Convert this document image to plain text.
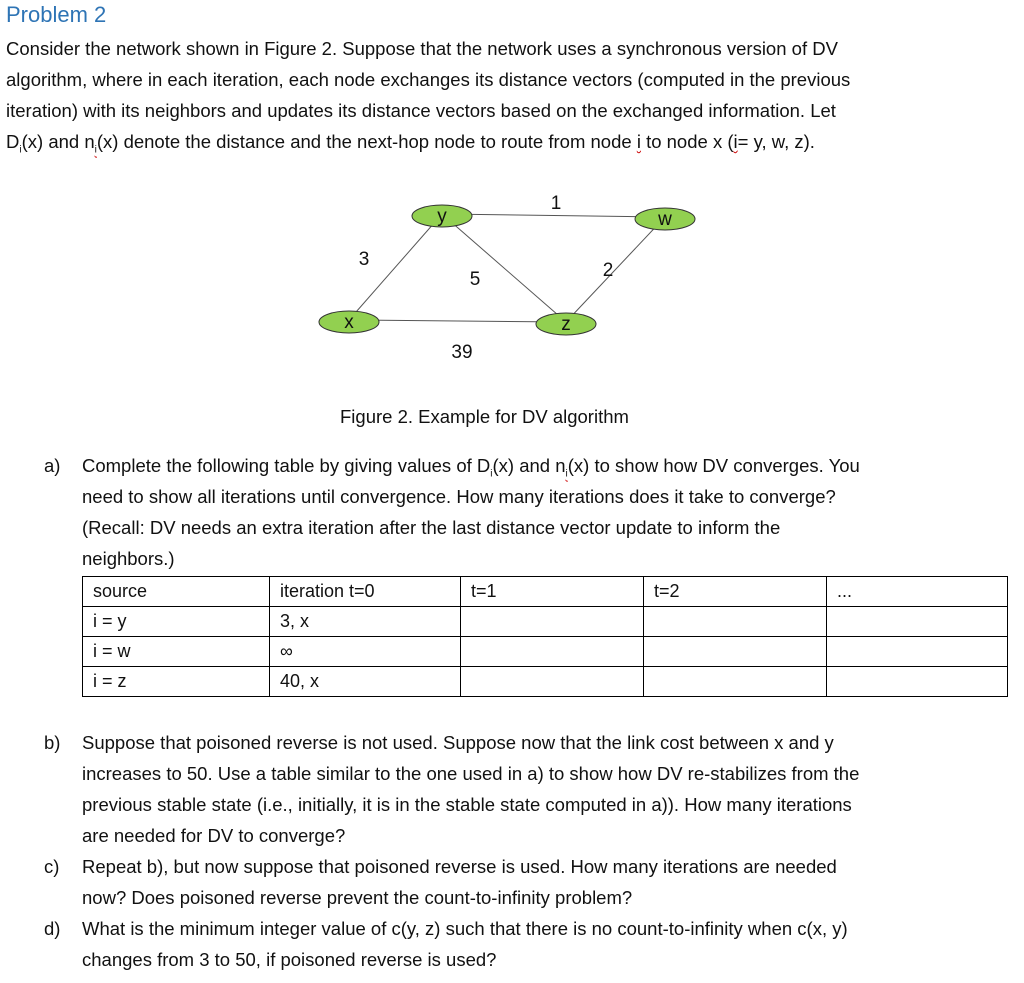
Problem 2
Consider the network shown in Figure 2. Suppose that the network uses a synchronous version of DV
algorithm, where in each iteration, each node exchanges its distance vectors (computed in the previous
iteration) with its neighbors and updates its distance vectors based on the exchanged information. Let
$D_i(x)$ and $n_i(x)$ denote the distance and the next-hop node to route from node i to node x (i= y, w, z).
y	w
x	z
3
1
5	2
39
Figure 2. Example for DV algorithm
a) Complete the following table by giving values of $D_i(x)$ and $n_i(x)$ to show how DV converges. You
need to show all iterations until convergence. How many iterations does it take to converge?
(Recall: DV needs an extra iteration after the last distance vector update to inform the
neighbors.)
source	iteration t=0	t=1	t=2	...
i = y	3, x			
i = w	∞			
i = z	40, x			
b) Suppose that poisoned reverse is not used. Suppose now that the link cost between x and y
increases to 50. Use a table similar to the one used in a) to show how DV re-stabilizes from the
previous stable state (i.e., initially, it is in the stable state computed in a)). How many iterations
are needed for DV to converge?
c) Repeat b), but now suppose that poisoned reverse is used. How many iterations are needed
now? Does poisoned reverse prevent the count-to-infinity problem?
d) What is the minimum integer value of c(y, z) such that there is no count-to-infinity when c(x, y)
changes from 3 to 50, if poisoned reverse is used?
